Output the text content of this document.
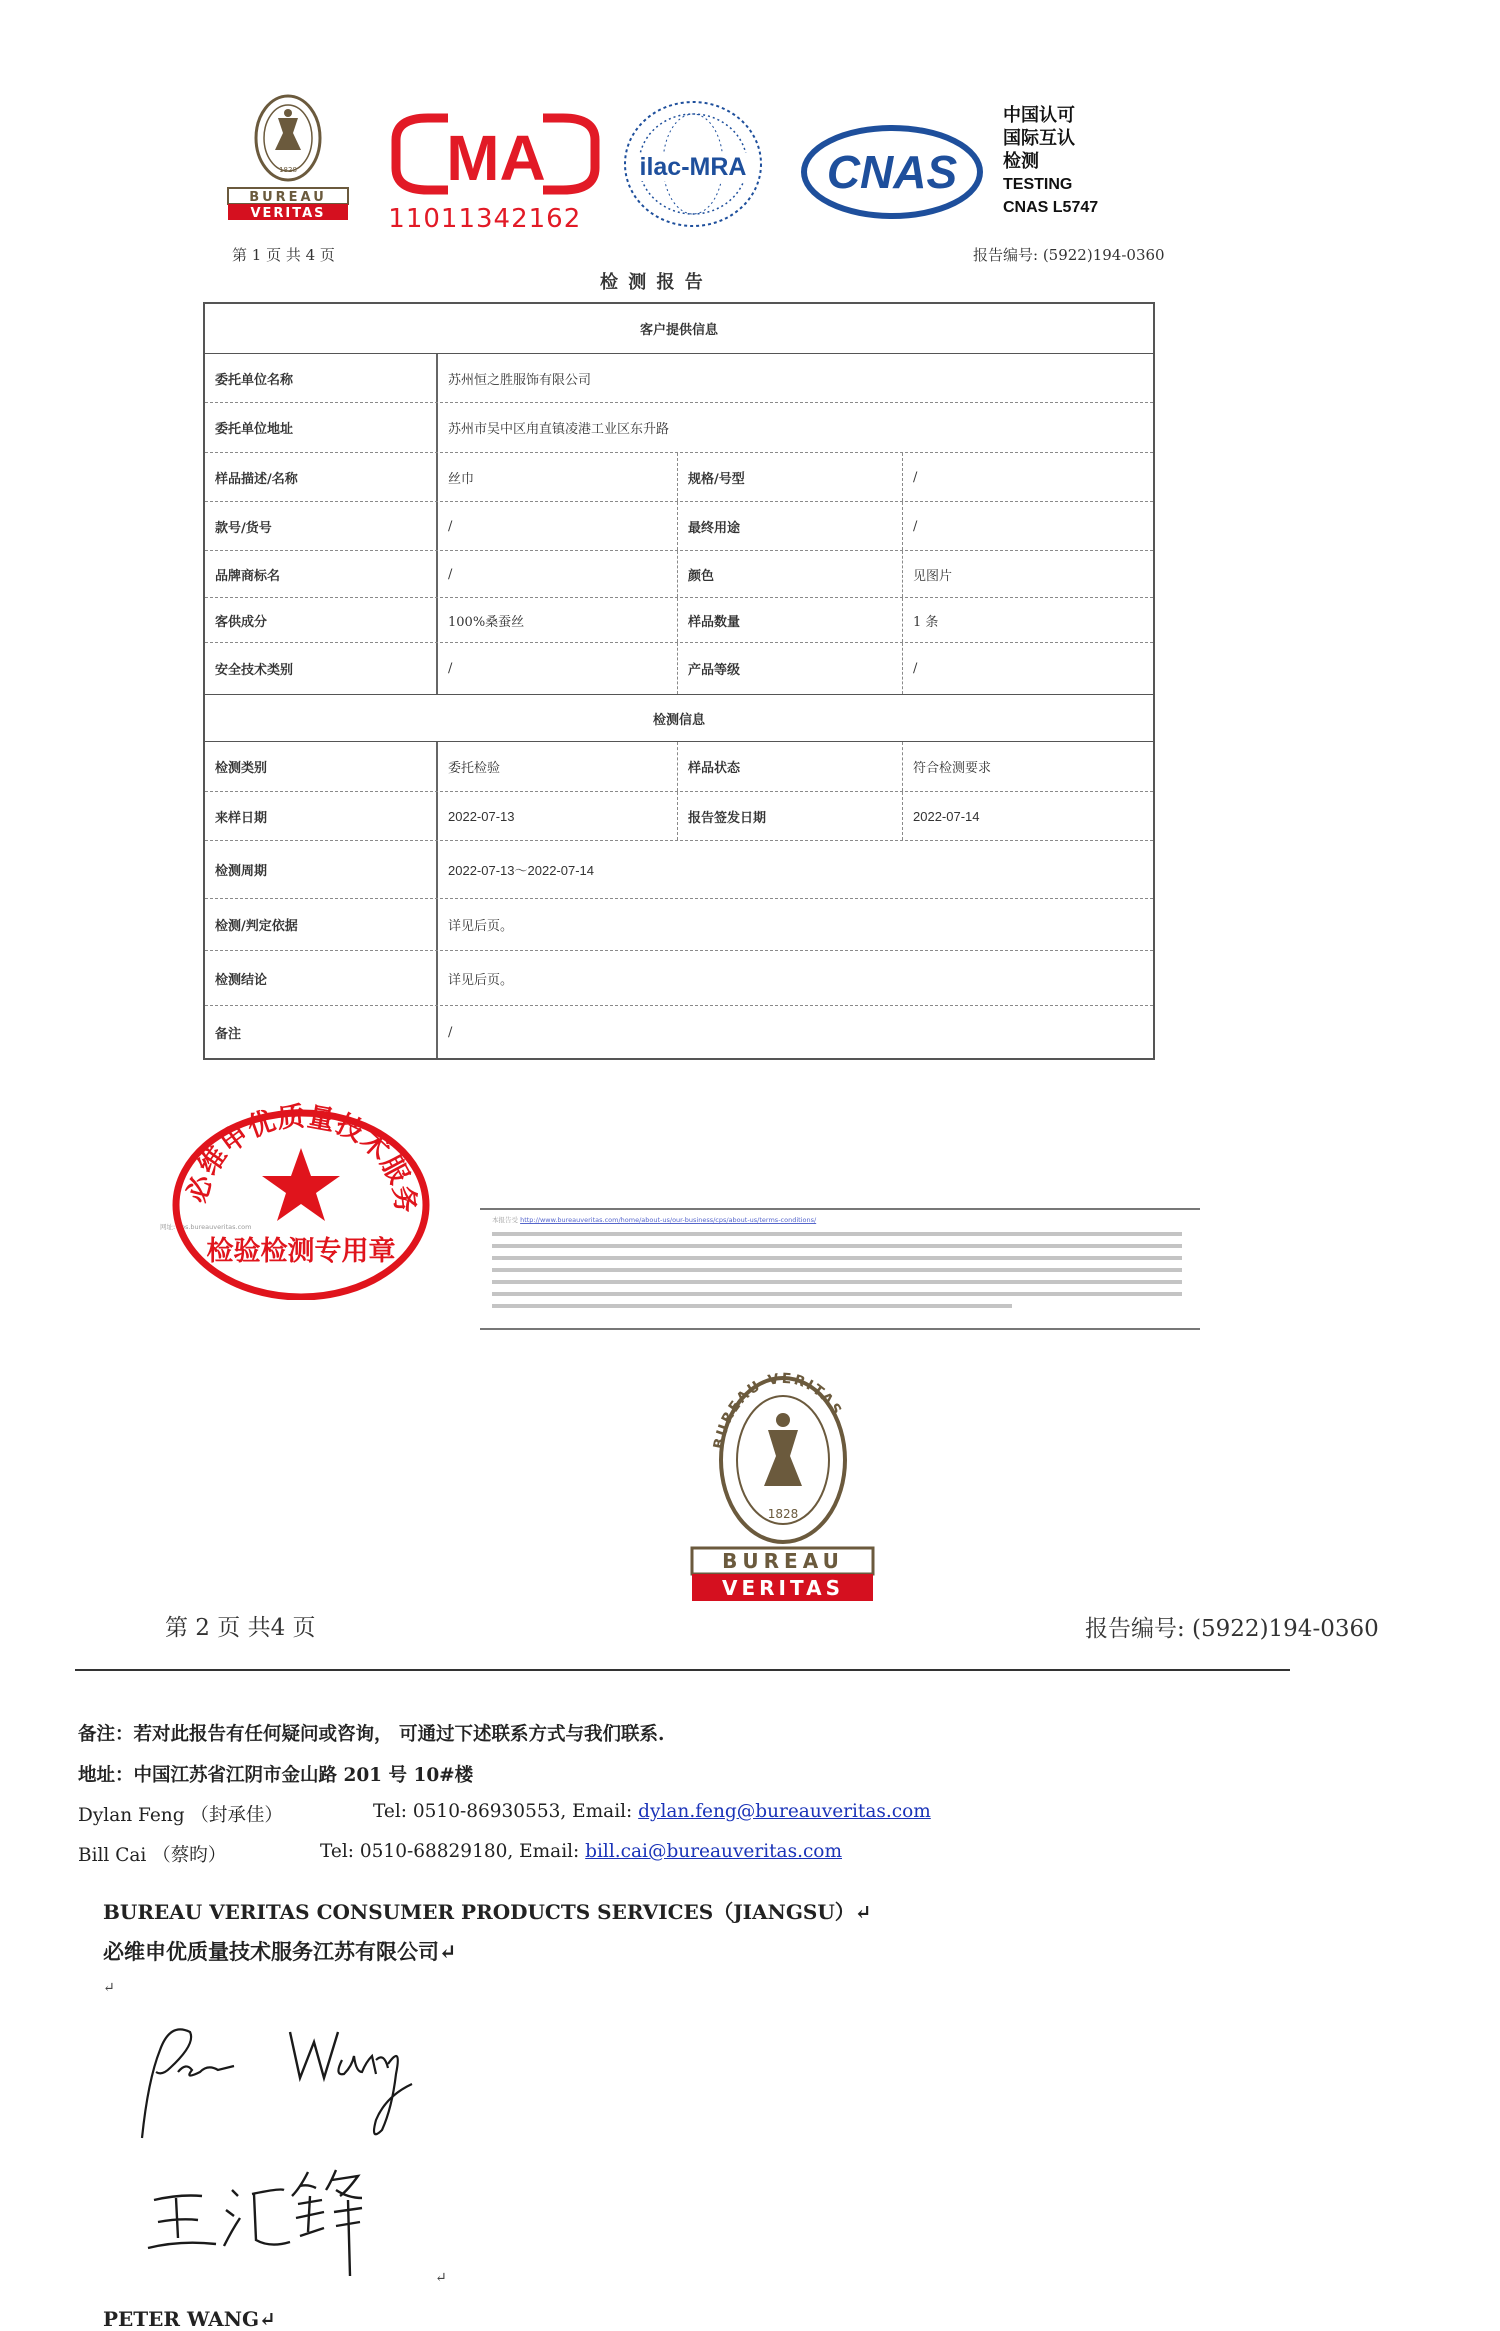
1828
BUREAU
VERITAS
MA
211011342162
ilac-MRA CNAS
中国认可
国际互认
检测
TESTING
CNAS L5747
第 1 页 共 4 页	报告编号: (5922)194-0360
检 测 报 告
客户提供信息
委托单位名称	苏州恒之胜服饰有限公司
委托单位地址	苏州市吴中区甪直镇凌港工业区东升路
样品描述/名称	丝巾	规格/号型	/
款号/货号	/	最终用途	/
品牌商标名	/	颜色	见图片
客供成分	100%桑蚕丝	样品数量	1 条
安全技术类别	/	产品等级	/
检测信息
检测类别	委托检验	样品状态	符合检测要求
来样日期	2022-07-13	报告签发日期	2022-07-14
检测周期	2022-07-13～2022-07-14
检测/判定依据	详见后页。
检测结论	详见后页。
备注	/
网址: cps.bureauveritas.com
必维申优质量技术服务
检验检测专用章
本报告受 http://www.bureauveritas.com/home/about-us/our-business/cps/about-us/terms-conditions/
BUREAU VERITAS
1828
BUREAU
VERITAS
第 2 页 共4 页	报告编号: (5922)194-0360
备注：若对此报告有任何疑问或咨询， 可通过下述联系方式与我们联系.
地址：中国江苏省江阴市金山路 201 号 10#楼
Dylan Feng （封承佳）	Tel: 0510-86930553, Email: dylan.feng@bureauveritas.com
Bill Cai （蔡昀）	Tel: 0510-68829180, Email: bill.cai@bureauveritas.com
BUREAU VERITAS CONSUMER PRODUCTS SERVICES（JIANGSU）↵
必维申优质量技术服务江苏有限公司↵
↵
↵
PETER WANG↵
